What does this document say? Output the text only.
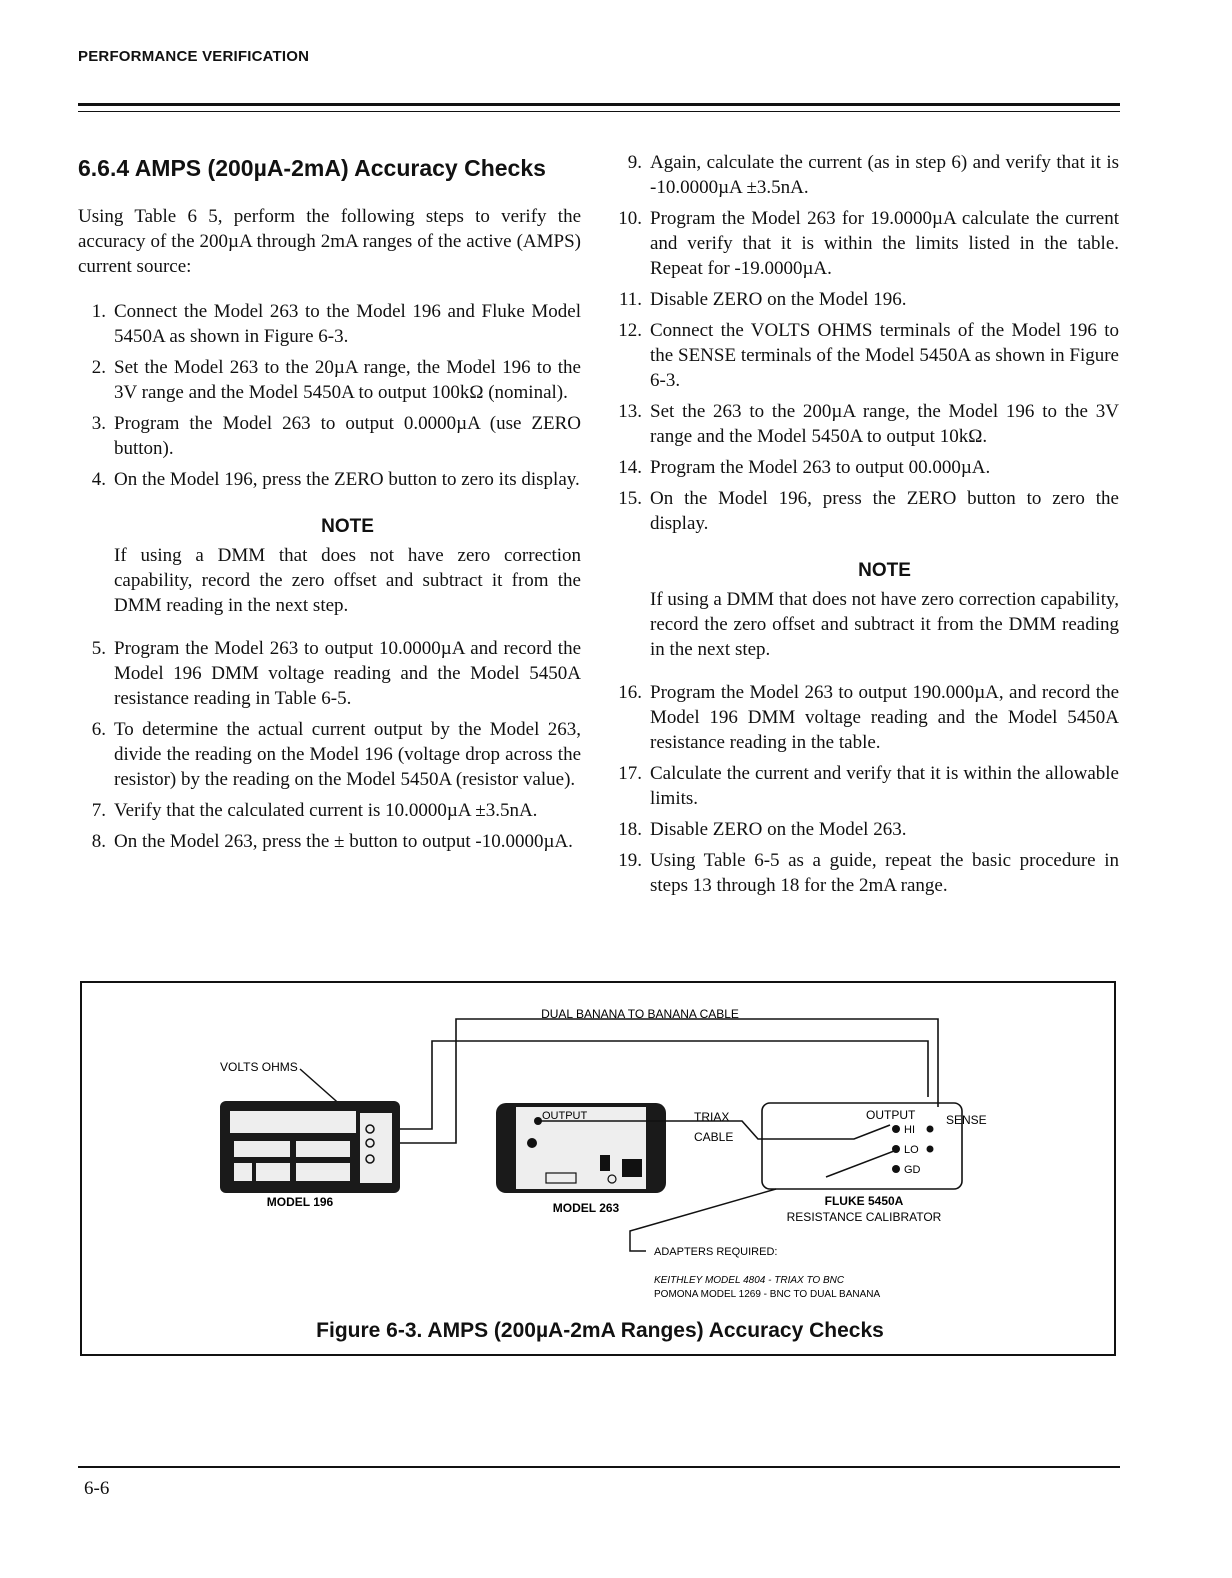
PERFORMANCE VERIFICATION
6.6.4 AMPS (200µA-2mA) Accuracy Checks

Using Table 6 5, perform the following steps to verify the accuracy of the 200µA through 2mA ranges of the active (AMPS) current source:

1. Connect the Model 263 to the Model 196 and Fluke Model 5450A as shown in Figure 6-3.
2. Set the Model 263 to the 20µA range, the Model 196 to the 3V range and the Model 5450A to output 100kΩ (nominal).
3. Program the Model 263 to output 0.0000µA (use ZERO button).
4. On the Model 196, press the ZERO button to zero its display.
NOTE
If using a DMM that does not have zero correction capability, record the zero offset and subtract it from the DMM reading in the next step.
5. Program the Model 263 to output 10.0000µA and record the Model 196 DMM voltage reading and the Model 5450A resistance reading in Table 6-5.
6. To determine the actual current output by the Model 263, divide the reading on the Model 196 (voltage drop across the resistor) by the reading on the Model 5450A (resistor value).
7. Verify that the calculated current is 10.0000µA ±3.5nA.
8. On the Model 263, press the ± button to output -10.0000µA.
9. Again, calculate the current (as in step 6) and verify that it is -10.0000µA ±3.5nA.
10. Program the Model 263 for 19.0000µA calculate the current and verify that it is within the limits listed in the table. Repeat for -19.0000µA.
11. Disable ZERO on the Model 196.
12. Connect the VOLTS OHMS terminals of the Model 196 to the SENSE terminals of the Model 5450A as shown in Figure 6-3.
13. Set the 263 to the 200µA range, the Model 196 to the 3V range and the Model 5450A to output 10kΩ.
14. Program the Model 263 to output 00.000µA.
15. On the Model 196, press the ZERO button to zero the display.
NOTE
If using a DMM that does not have zero correction capability, record the zero offset and subtract it from the DMM reading in the next step.
16. Program the Model 263 to output 190.000µA, and record the Model 196 DMM voltage reading and the Model 5450A resistance reading in the table.
17. Calculate the current and verify that it is within the allowable limits.
18. Disable ZERO on the Model 263.
19. Using Table 6-5 as a guide, repeat the basic procedure in steps 13 through 18 for the 2mA range.
DUAL BANANA TO BANANA CABLE
VOLTS OHMS
MODEL 196
OUTPUT
MODEL 263
TRIAX
CABLE
OUTPUT	SENSE
HI
LO
GD
FLUKE 5450A
RESISTANCE CALIBRATOR
ADAPTERS REQUIRED:
KEITHLEY MODEL 4804 - TRIAX TO BNC
POMONA MODEL 1269 - BNC TO DUAL BANANA
Figure 6-3. AMPS (200µA-2mA Ranges) Accuracy Checks
6-6
